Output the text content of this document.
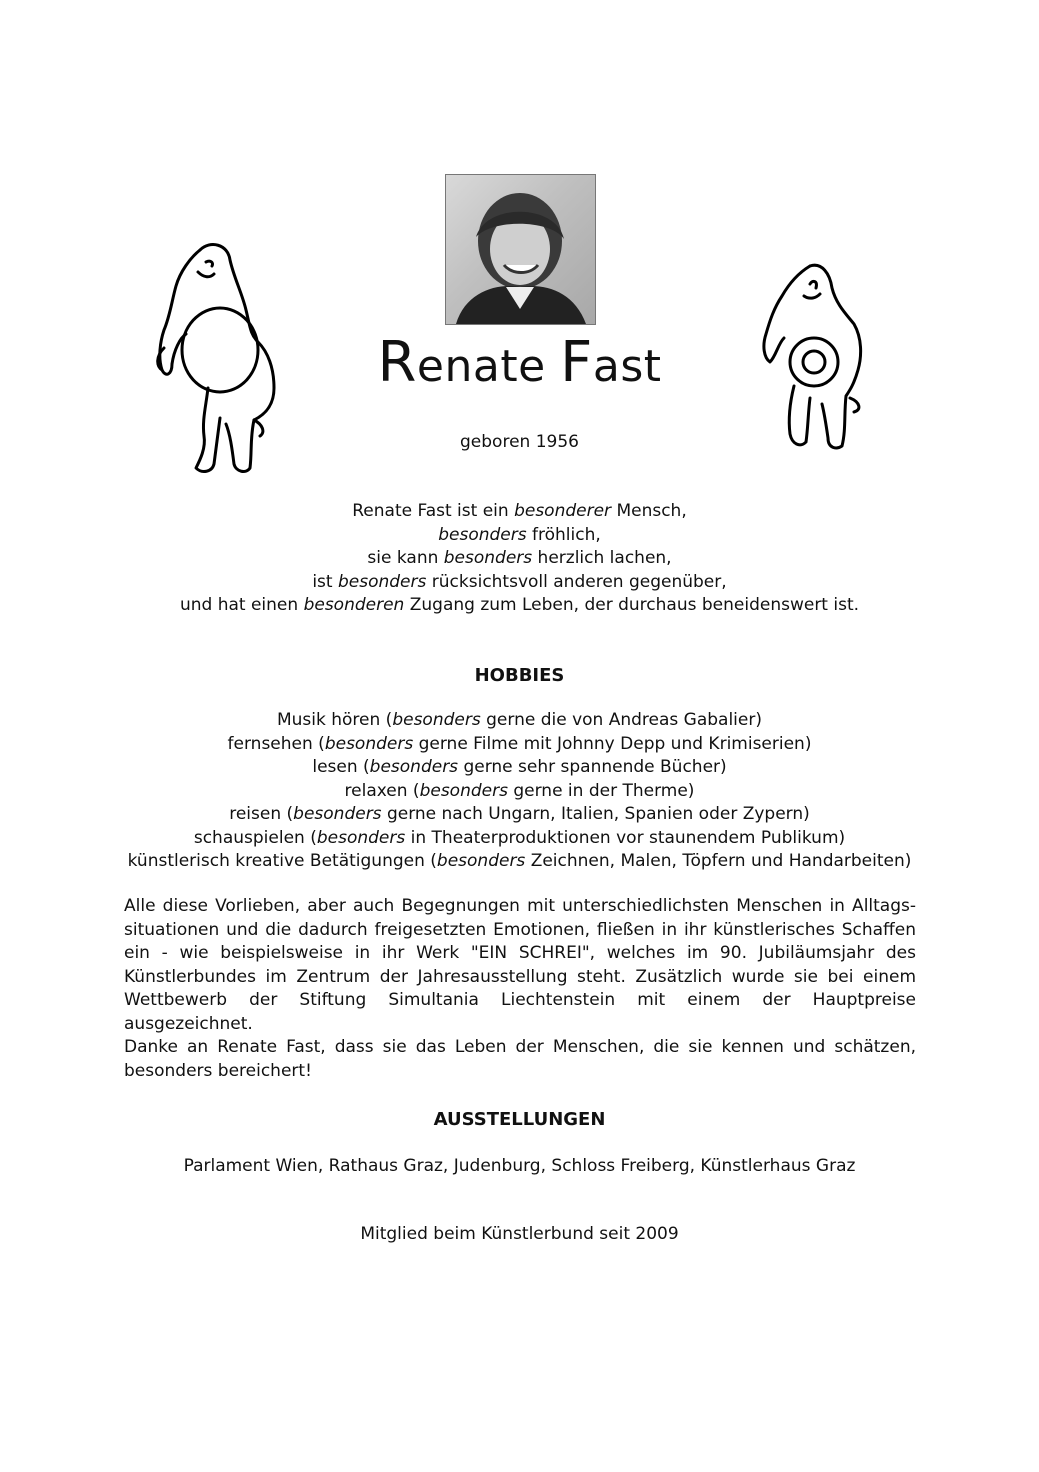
Renate Fast
geboren 1956
Renate Fast ist ein besonderer Mensch,
besonders fröhlich,
sie kann besonders herzlich lachen,
ist besonders rücksichtsvoll anderen gegenüber,
und hat einen besonderen Zugang zum Leben, der durchaus beneidenswert ist.
HOBBIES
Musik hören (besonders gerne die von Andreas Gabalier)
fernsehen (besonders gerne Filme mit Johnny Depp und Krimiserien)
lesen (besonders gerne sehr spannende Bücher)
relaxen (besonders gerne in der Therme)
reisen (besonders gerne nach Ungarn, Italien, Spanien oder Zypern)
schauspielen (besonders in Theaterproduktionen vor staunendem Publikum)
künstlerisch kreative Betätigungen (besonders Zeichnen, Malen, Töpfern und Handarbeiten)
Alle diese Vorlieben, aber auch Begegnungen mit unterschiedlichsten Menschen in Alltags-situationen und die dadurch freigesetzten Emotionen, fließen in ihr künstlerisches Schaffen ein - wie beispielsweise in ihr Werk "EIN SCHREI", welches im 90. Jubiläumsjahr des Künstlerbundes im Zentrum der Jahresausstellung steht. Zusätzlich wurde sie bei einem Wettbewerb der Stiftung Simultania Liechtenstein mit einem der Hauptpreise ausgezeichnet.
Danke an Renate Fast, dass sie das Leben der Menschen, die sie kennen und schätzen, besonders bereichert!
AUSSTELLUNGEN
Parlament Wien, Rathaus Graz, Judenburg, Schloss Freiberg, Künstlerhaus Graz
Mitglied beim Künstlerbund seit 2009
